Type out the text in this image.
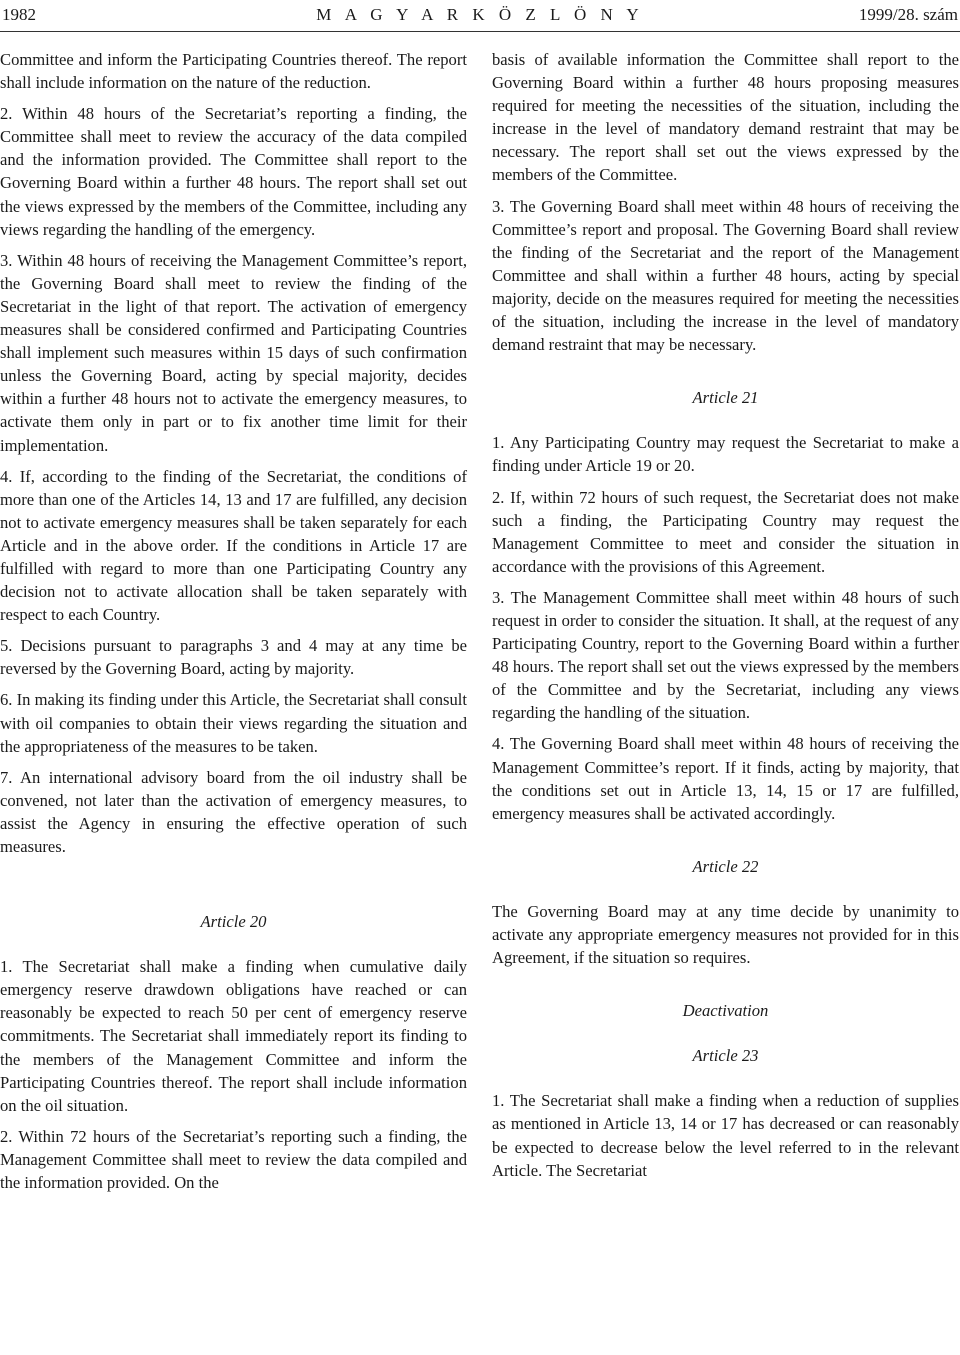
1982	M A G Y A R K Ö Z L Ö N Y	1999/28. szám

Committee and inform the Participating Countries thereof. The report shall include information on the nature of the reduction.

2. Within 48 hours of the Secretariat’s reporting a finding, the Committee shall meet to review the accuracy of the data compiled and the information provided. The Committee shall report to the Governing Board within a further 48 hours. The report shall set out the views expressed by the members of the Committee, including any views regarding the handling of the emergency.

3. Within 48 hours of receiving the Management Committee’s report, the Governing Board shall meet to review the finding of the Secretariat in the light of that report. The activation of emergency measures shall be considered confirmed and Participating Countries shall implement such measures within 15 days of such confirmation unless the Governing Board, acting by special majority, decides within a further 48 hours not to activate the emergency measures, to activate them only in part or to fix another time limit for their implementation.

4. If, according to the finding of the Secretariat, the conditions of more than one of the Articles 14, 13 and 17 are fulfilled, any decision not to activate emergency measures shall be taken separately for each Article and in the above order. If the conditions in Article 17 are fulfilled with regard to more than one Participating Country any decision not to activate allocation shall be taken separately with respect to each Country.

5. Decisions pursuant to paragraphs 3 and 4 may at any time be reversed by the Governing Board, acting by majority.

6. In making its finding under this Article, the Secretariat shall consult with oil companies to obtain their views regarding the situation and the appropriateness of the measures to be taken.

7. An international advisory board from the oil industry shall be convened, not later than the activation of emergency measures, to assist the Agency in ensuring the effective operation of such measures.

Article 20

1. The Secretariat shall make a finding when cumulative daily emergency reserve drawdown obligations have reached or can reasonably be expected to reach 50 per cent of emergency reserve commitments. The Secretariat shall immediately report its finding to the members of the Management Committee and inform the Participating Countries thereof. The report shall include information on the oil situation.

2. Within 72 hours of the Secretariat’s reporting such a finding, the Management Committee shall meet to review the data compiled and the information provided. On the

basis of available information the Committee shall report to the Governing Board within a further 48 hours proposing measures required for meeting the necessities of the situation, including the increase in the level of mandatory demand restraint that may be necessary. The report shall set out the views expressed by the members of the Committee.

3. The Governing Board shall meet within 48 hours of receiving the Committee’s report and proposal. The Governing Board shall review the finding of the Secretariat and the report of the Management Committee and shall within a further 48 hours, acting by special majority, decide on the measures required for meeting the necessities of the situation, including the increase in the level of mandatory demand restraint that may be necessary.

Article 21

1. Any Participating Country may request the Secretariat to make a finding under Article 19 or 20.

2. If, within 72 hours of such request, the Secretariat does not make such a finding, the Participating Country may request the Management Committee to meet and consider the situation in accordance with the provisions of this Agreement.

3. The Management Committee shall meet within 48 hours of such request in order to consider the situation. It shall, at the request of any Participating Country, report to the Governing Board within a further 48 hours. The report shall set out the views expressed by the members of the Committee and by the Secretariat, including any views regarding the handling of the situation.

4. The Governing Board shall meet within 48 hours of receiving the Management Committee’s report. If it finds, acting by majority, that the conditions set out in Article 13, 14, 15 or 17 are fulfilled, emergency measures shall be activated accordingly.

Article 22

The Governing Board may at any time decide by unanimity to activate any appropriate emergency measures not provided for in this Agreement, if the situation so requires.

Deactivation

Article 23

1. The Secretariat shall make a finding when a reduction of supplies as mentioned in Article 13, 14 or 17 has decreased or can reasonably be expected to decrease below the level referred to in the relevant Article. The Secretariat
